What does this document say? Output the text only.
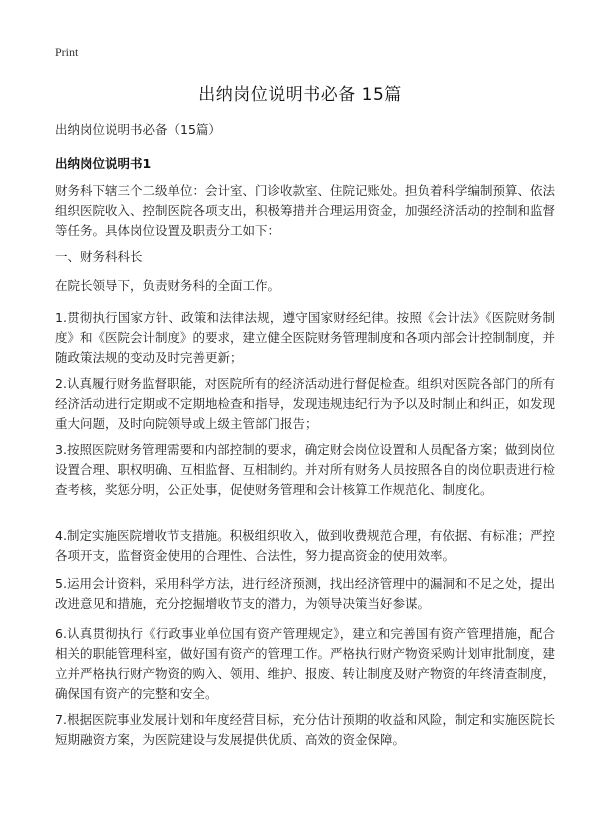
Print
出纳岗位说明书必备 15篇
出纳岗位说明书必备（15篇）
出纳岗位说明书1

财务科下辖三个二级单位：会计室、门诊收款室、住院记账处。担负着科学编制预算、依法组织医院收入、控制医院各项支出，积极筹措并合理运用资金，加强经济活动的控制和监督等任务。具体岗位设置及职责分工如下：

一、财务科科长

在院长领导下，负责财务科的全面工作。

1.贯彻执行国家方针、政策和法律法规，遵守国家财经纪律。按照《会计法》《医院财务制度》和《医院会计制度》的要求，建立健全医院财务管理制度和各项内部会计控制制度，并随政策法规的变动及时完善更新；

2.认真履行财务监督职能，对医院所有的经济活动进行督促检查。组织对医院各部门的所有经济活动进行定期或不定期地检查和指导，发现违规违纪行为予以及时制止和纠正，如发现重大问题，及时向院领导或上级主管部门报告；

3.按照医院财务管理需要和内部控制的要求，确定财会岗位设置和人员配备方案；做到岗位设置合理、职权明确、互相监督、互相制约。并对所有财务人员按照各自的岗位职责进行检查考核，奖惩分明，公正处事，促使财务管理和会计核算工作规范化、制度化。

4.制定实施医院增收节支措施。积极组织收入，做到收费规范合理，有依据、有标准；严控各项开支，监督资金使用的合理性、合法性，努力提高资金的使用效率。

5.运用会计资料，采用科学方法，进行经济预测，找出经济管理中的漏洞和不足之处，提出改进意见和措施，充分挖掘增收节支的潜力，为领导决策当好参谋。

6.认真贯彻执行《行政事业单位国有资产管理规定》，建立和完善国有资产管理措施，配合相关的职能管理科室，做好国有资产的管理工作。严格执行财产物资采购计划审批制度，建立并严格执行财产物资的购入、领用、维护、报废、转让制度及财产物资的年终清查制度，确保国有资产的完整和安全。

7.根据医院事业发展计划和年度经营目标，充分估计预期的收益和风险，制定和实施医院长短期融资方案，为医院建设与发展提供优质、高效的资金保障。
